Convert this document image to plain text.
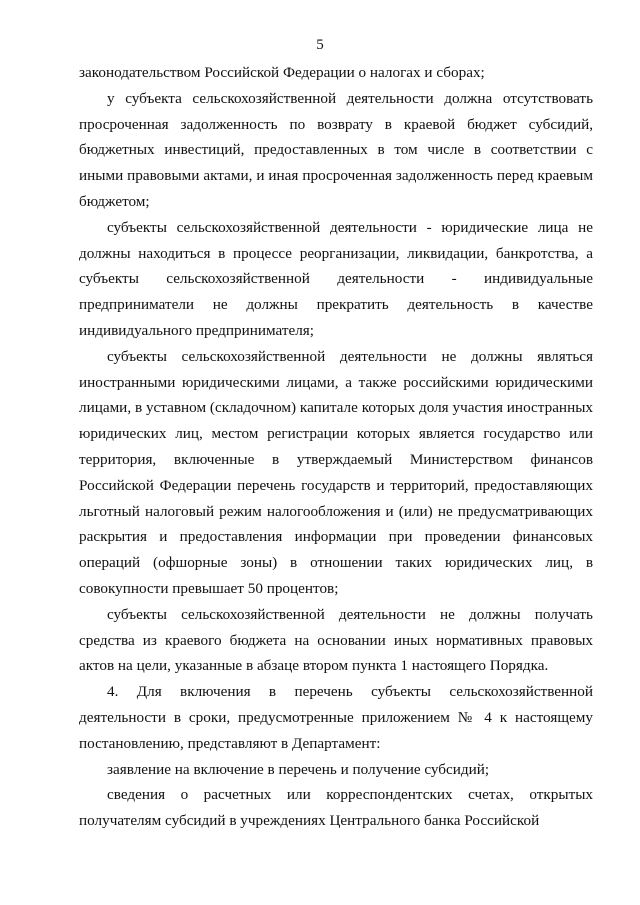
5

законодательством Российской Федерации о налогах и сборах;

у субъекта сельскохозяйственной деятельности должна отсутствовать просроченная задолженность по возврату в краевой бюджет субсидий, бюджетных инвестиций, предоставленных в том числе в соответствии с иными правовыми актами, и иная просроченная задолженность перед краевым бюджетом;

субъекты сельскохозяйственной деятельности - юридические лица не должны находиться в процессе реорганизации, ликвидации, банкротства, а субъекты сельскохозяйственной деятельности - индивидуальные предприниматели не должны прекратить деятельность в качестве индивидуального предпринимателя;

субъекты сельскохозяйственной деятельности не должны являться иностранными юридическими лицами, а также российскими юридическими лицами, в уставном (складочном) капитале которых доля участия иностранных юридических лиц, местом регистрации которых является государство или территория, включенные в утверждаемый Министерством финансов Российской Федерации перечень государств и территорий, предоставляющих льготный налоговый режим налогообложения и (или) не предусматривающих раскрытия и предоставления информации при проведении финансовых операций (офшорные зоны) в отношении таких юридических лиц, в совокупности превышает 50 процентов;

субъекты сельскохозяйственной деятельности не должны получать средства из краевого бюджета на основании иных нормативных правовых актов на цели, указанные в абзаце втором пункта 1 настоящего Порядка.

4. Для включения в перечень субъекты сельскохозяйственной деятельности в сроки, предусмотренные приложением № 4 к настоящему постановлению, представляют в Департамент:

заявление на включение в перечень и получение субсидий;

сведения о расчетных или корреспондентских счетах, открытых получателям субсидий в учреждениях Центрального банка Российской
